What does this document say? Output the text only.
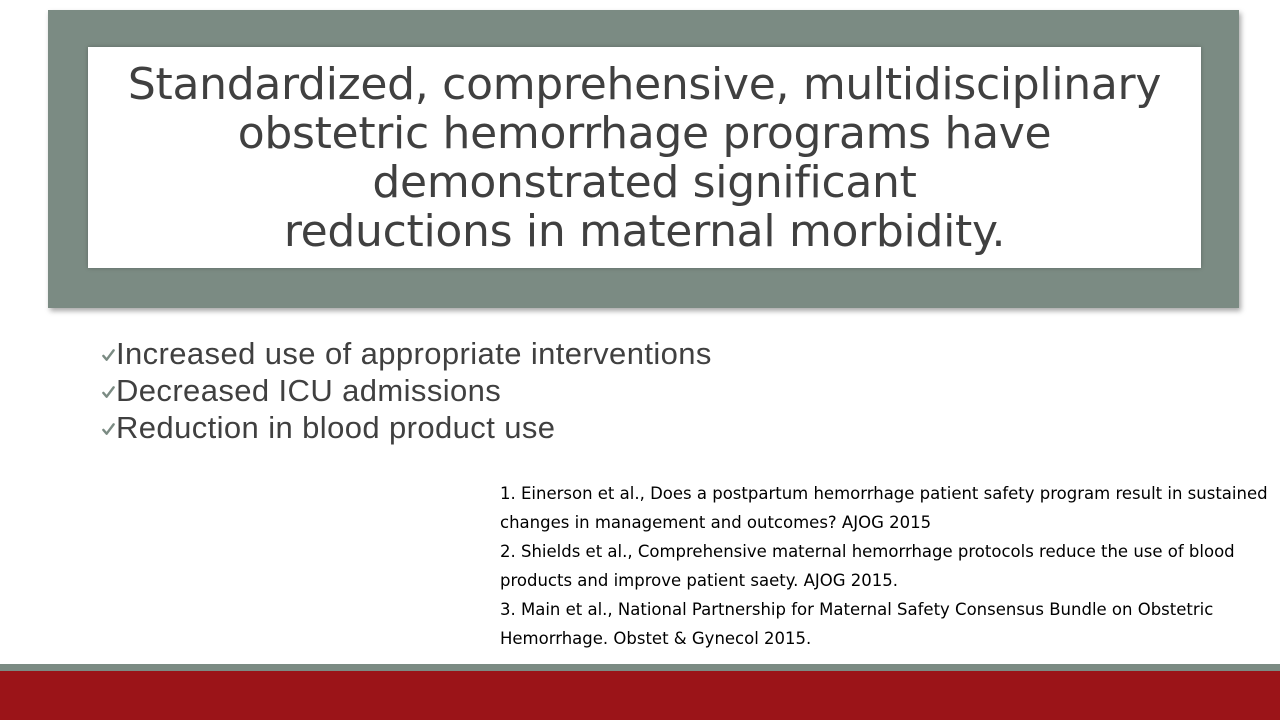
Standardized, comprehensive, multidisciplinary
obstetric hemorrhage programs have
demonstrated significant
reductions in maternal morbidity.
Increased use of appropriate interventions
Decreased ICU admissions
Reduction in blood product use
1. Einerson et al., Does a postpartum hemorrhage patient safety program result in sustained changes in management and outcomes? AJOG 2015
2. Shields et al., Comprehensive maternal hemorrhage protocols reduce the use of blood products and improve patient saety. AJOG 2015.
3. Main et al., National Partnership for Maternal Safety Consensus Bundle on Obstetric Hemorrhage. Obstet & Gynecol 2015.
